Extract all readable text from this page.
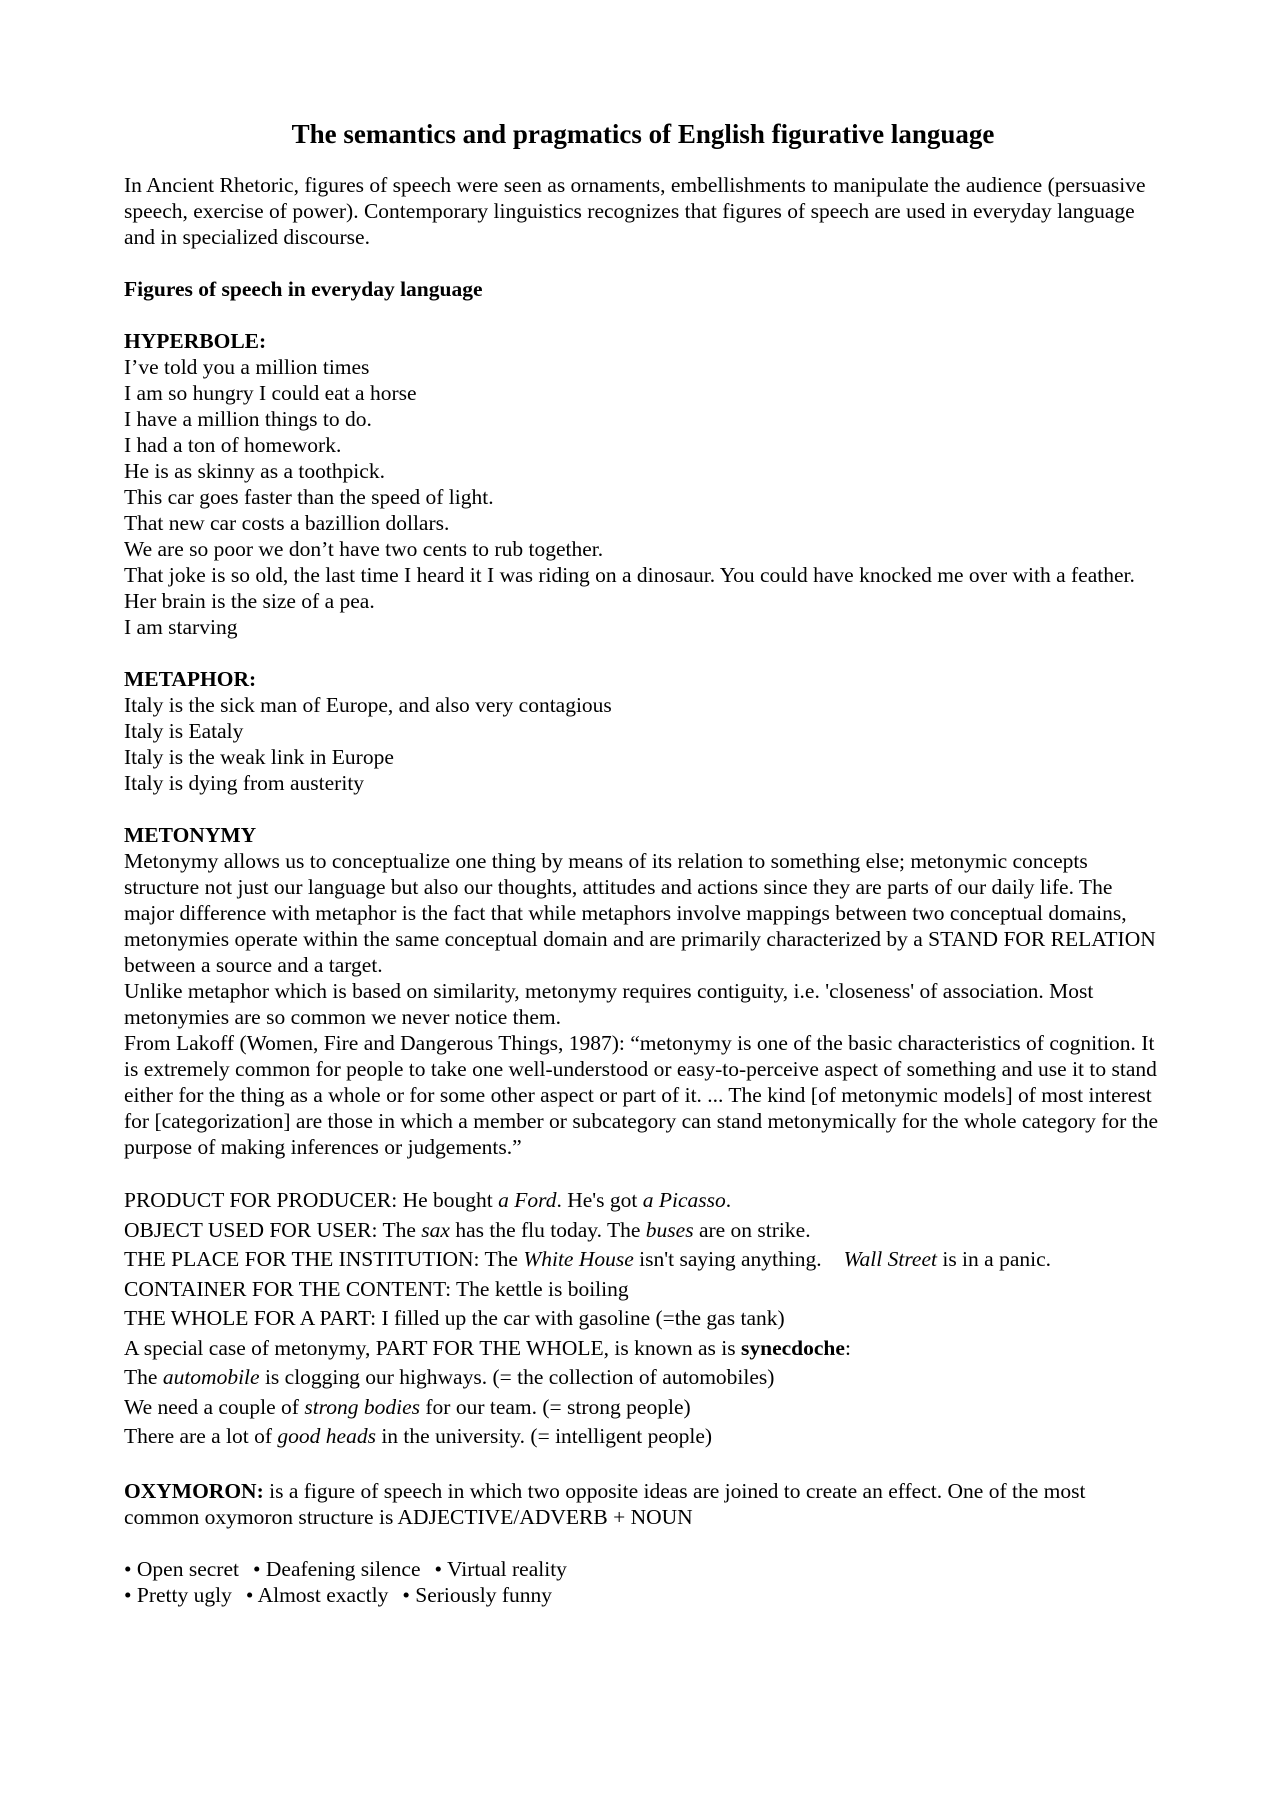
The semantics and pragmatics of English figurative language

In Ancient Rhetoric, figures of speech were seen as ornaments, embellishments to manipulate the audience (persuasive speech, exercise of power). Contemporary linguistics recognizes that figures of speech are used in everyday language and in specialized discourse.

Figures of speech in everyday language

HYPERBOLE:
I’ve told you a million times
I am so hungry I could eat a horse
I have a million things to do.
I had a ton of homework.
He is as skinny as a toothpick.
This car goes faster than the speed of light.
That new car costs a bazillion dollars.
We are so poor we don’t have two cents to rub together.
That joke is so old, the last time I heard it I was riding on a dinosaur. You could have knocked me over with a feather.
Her brain is the size of a pea.
I am starving
METAPHOR:
Italy is the sick man of Europe, and also very contagious
Italy is Eataly
Italy is the weak link in Europe
Italy is dying from austerity
METONYMY

Metonymy allows us to conceptualize one thing by means of its relation to something else; metonymic concepts structure not just our language but also our thoughts, attitudes and actions since they are parts of our daily life. The major difference with metaphor is the fact that while metaphors involve mappings between two conceptual domains, metonymies operate within the same conceptual domain and are primarily characterized by a STAND FOR RELATION between a source and a target.

Unlike metaphor which is based on similarity, metonymy requires contiguity, i.e. 'closeness' of association. Most metonymies are so common we never notice them.

From Lakoff (Women, Fire and Dangerous Things, 1987): “metonymy is one of the basic characteristics of cognition. It is extremely common for people to take one well-understood or easy-to-perceive aspect of something and use it to stand either for the thing as a whole or for some other aspect or part of it. ... The kind [of metonymic models] of most interest for [categorization] are those in which a member or subcategory can stand metonymically for the whole category for the purpose of making inferences or judgements.”

PRODUCT FOR PRODUCER: He bought a Ford. He's got a Picasso.
OBJECT USED FOR USER: The sax has the flu today. The buses are on strike.
THE PLACE FOR THE INSTITUTION: The White House isn't saying anything. Wall Street is in a panic.
CONTAINER FOR THE CONTENT: The kettle is boiling
THE WHOLE FOR A PART: I filled up the car with gasoline (=the gas tank)
A special case of metonymy, PART FOR THE WHOLE, is known as is synecdoche:
The automobile is clogging our highways. (= the collection of automobiles)
We need a couple of strong bodies for our team. (= strong people)
There are a lot of good heads in the university. (= intelligent people)

OXYMORON: is a figure of speech in which two opposite ideas are joined to create an effect. One of the most common oxymoron structure is ADJECTIVE/ADVERB + NOUN

• Open secret • Deafening silence • Virtual reality
• Pretty ugly • Almost exactly • Seriously funny
